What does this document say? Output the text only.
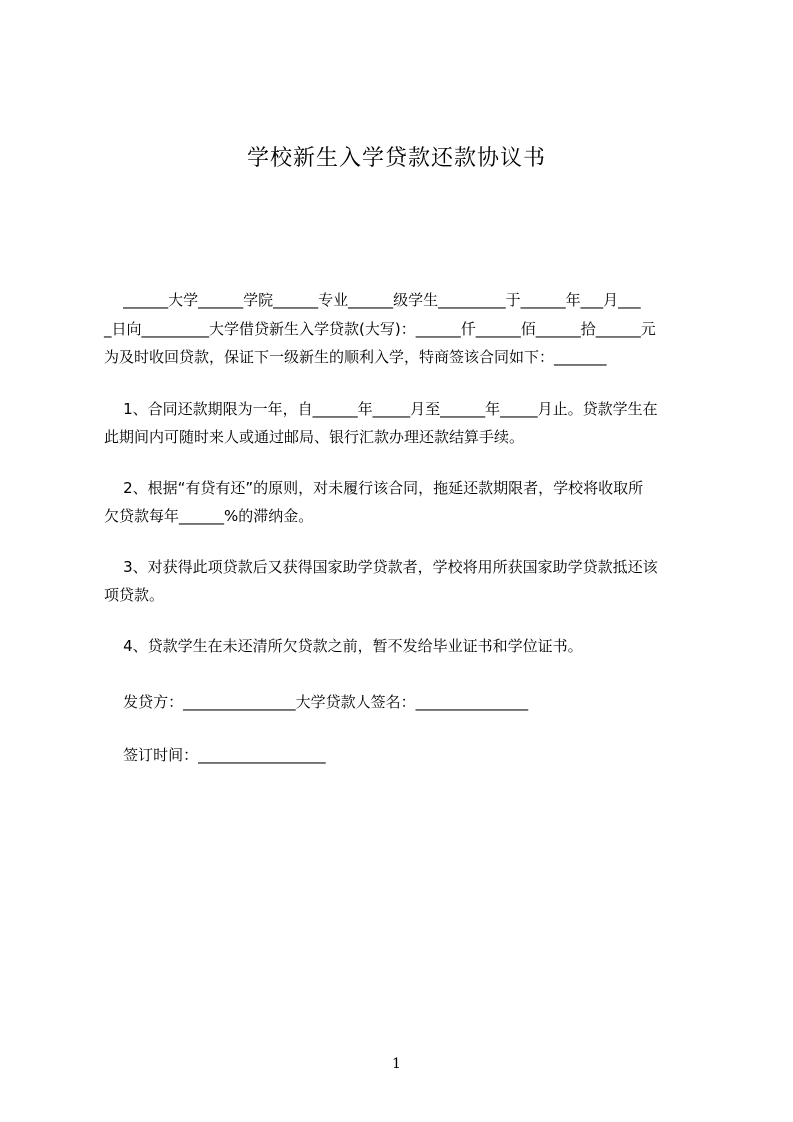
学校新生入学贷款还款协议书
______大学______学院______专业______级学生_________于______年___月___
_日向_________大学借贷新生入学贷款(大写)：______仟______佰______拾______元
为及时收回贷款，保证下一级新生的顺利入学，特商签该合同如下：_______
1、合同还款期限为一年，自______年_____月至______年_____月止。贷款学生在
此期间内可随时来人或通过邮局、银行汇款办理还款结算手续。
2、根据“有贷有还”的原则，对未履行该合同，拖延还款期限者，学校将收取所
欠贷款每年______%的滞纳金。
3、对获得此项贷款后又获得国家助学贷款者，学校将用所获国家助学贷款抵还该
项贷款。
4、贷款学生在未还清所欠贷款之前，暂不发给毕业证书和学位证书。
发贷方：_______________大学贷款人签名：_______________
签订时间：_________________
1
